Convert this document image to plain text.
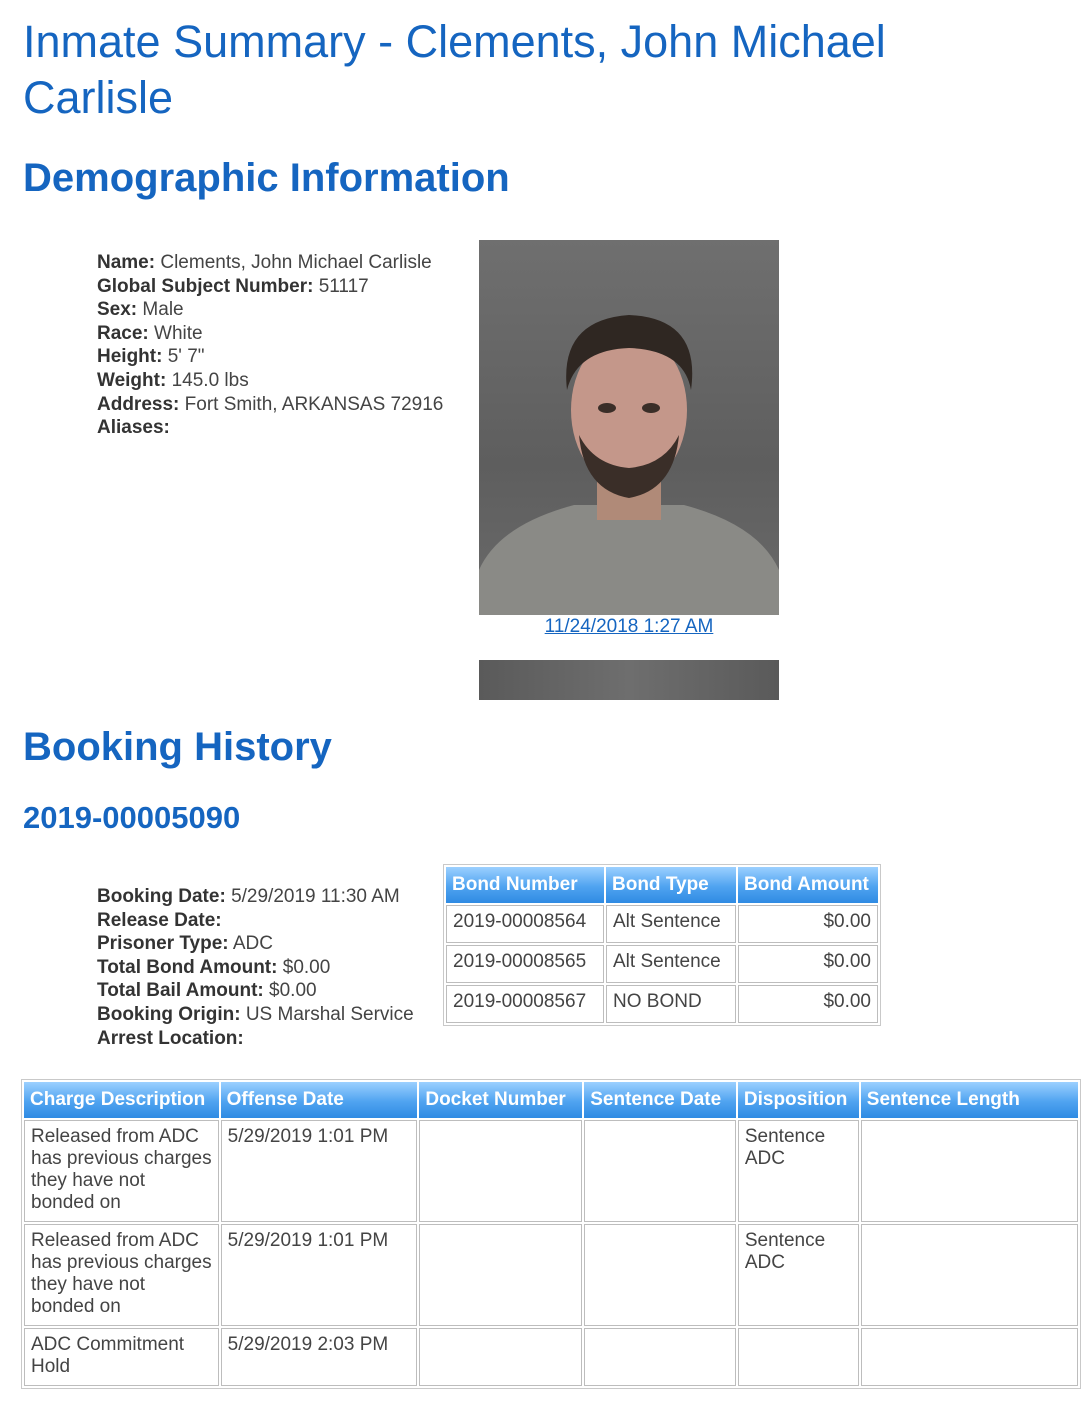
Inmate Summary - Clements, John Michael Carlisle
Demographic Information
Name: Clements, John Michael Carlisle
Global Subject Number: 51117
Sex: Male
Race: White
Height: 5' 7"
Weight: 145.0 lbs
Address: Fort Smith, ARKANSAS 72916
Aliases:
11/24/2018 1:27 AM
Booking History
2019-00005090
Booking Date: 5/29/2019 11:30 AM
Release Date:
Prisoner Type: ADC
Total Bond Amount: $0.00
Total Bail Amount: $0.00
Booking Origin: US Marshal Service
Arrest Location:
Bond Number	Bond Type	Bond Amount
2019-00008564	Alt Sentence	$0.00
2019-00008565	Alt Sentence	$0.00
2019-00008567	NO BOND	$0.00
Charge Description	Offense Date	Docket Number	Sentence Date	Disposition	Sentence Length
Released from ADC has previous charges they have not bonded on	5/29/2019 1:01 PM			Sentence ADC	
Released from ADC has previous charges they have not bonded on	5/29/2019 1:01 PM			Sentence ADC	
ADC Commitment Hold	5/29/2019 2:03 PM				
